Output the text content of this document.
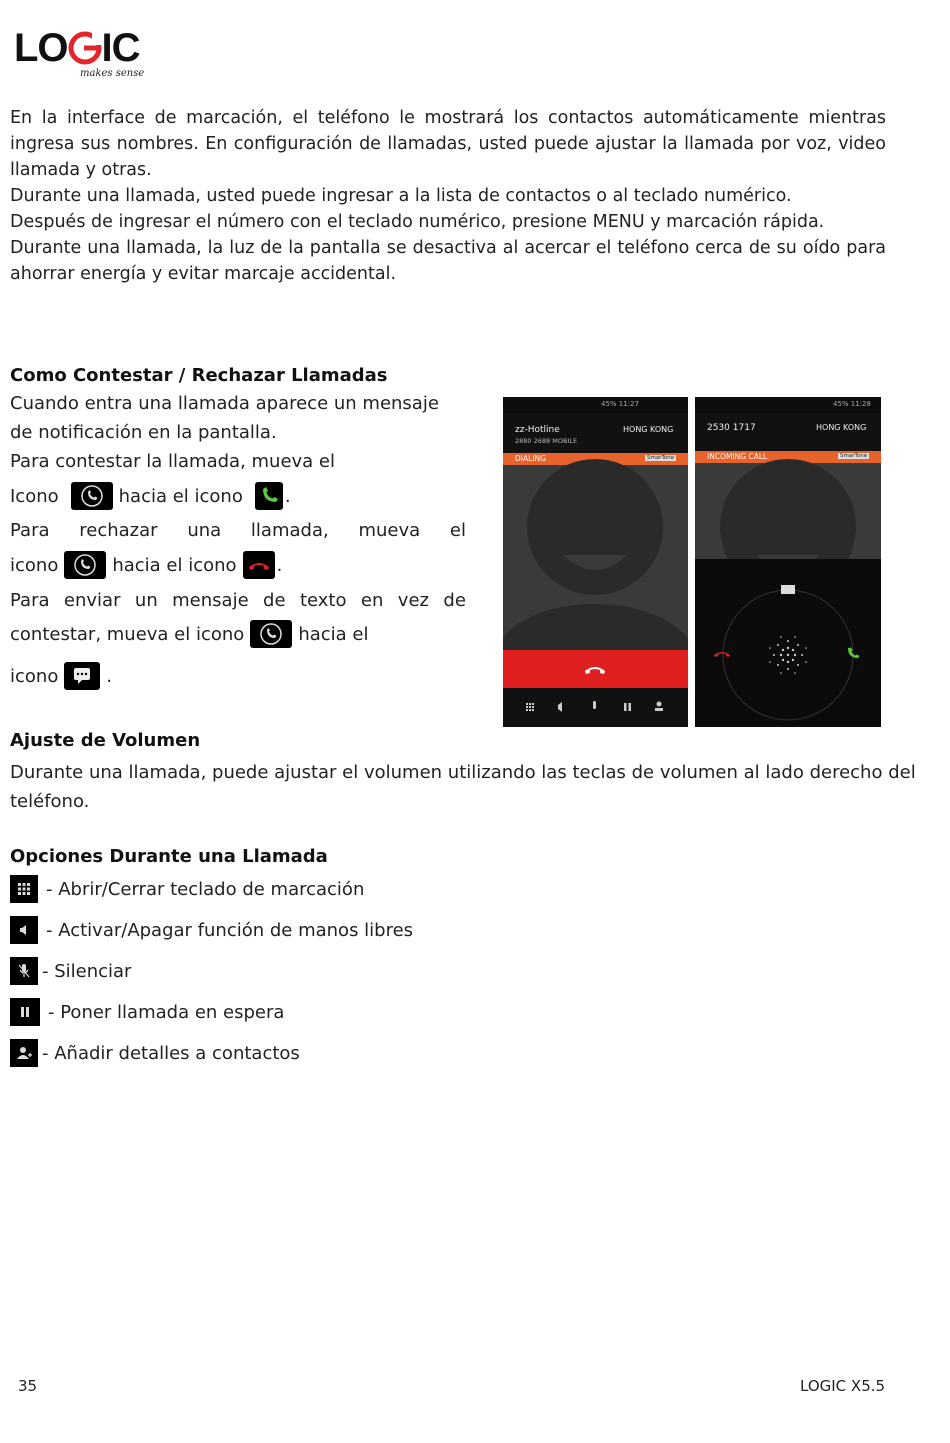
LO IC
makes sense

En la interface de marcación, el teléfono le mostrará los contactos automáticamente mientras ingresa sus nombres. En configuración de llamadas, usted puede ajustar la llamada por voz, video llamada y otras.

Durante una llamada, usted puede ingresar a la lista de contactos o al teclado numérico.

Después de ingresar el número con el teclado numérico, presione MENU y marcación rápida.

Durante una llamada, la luz de la pantalla se desactiva al acercar el teléfono cerca de su oído para ahorrar energía y evitar marcaje accidental.

Como Contestar / Rechazar Llamadas
Cuando entra una llamada aparece un mensaje
de notificación en la pantalla.
Para contestar la llamada, mueva el
Icono	hacia el icono .
Para rechazar una llamada, mueva el
icono	hacia el icono .
Para enviar un mensaje de texto en vez de
contestar, mueva el icono	hacia el
icono	.
45% 11:27
zz-Hotline
2880 2688 MOBILE
HONG KONG
DIALING	SmarTone
45% 11:28
2530 1717	HONG KONG
INCOMING CALL	SmarTone
Ajuste de Volumen
Durante una llamada, puede ajustar el volumen utilizando las teclas de volumen al lado derecho del teléfono.
Opciones Durante una Llamada
- Abrir/Cerrar teclado de marcación
- Activar/Apagar función de manos libres
- Silenciar
- Poner llamada en espera
- Añadir detalles a contactos
35	LOGIC X5.5
